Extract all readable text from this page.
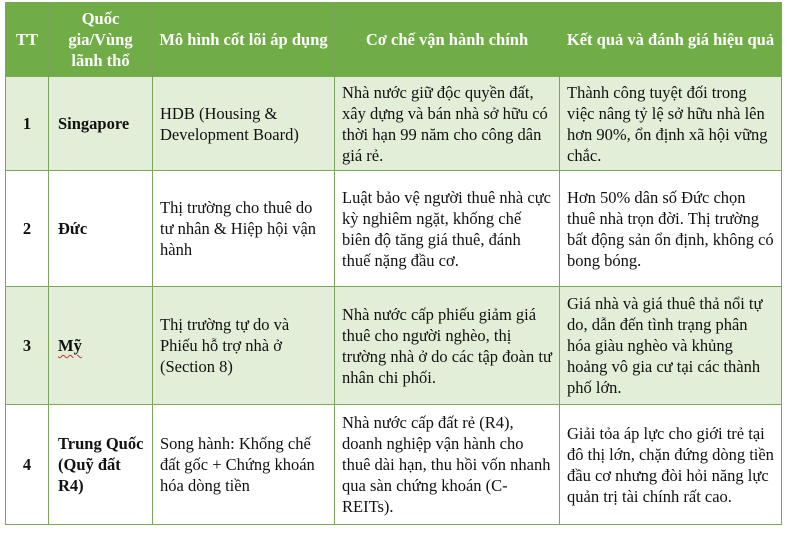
TT	Quốc gia/Vùng lãnh thổ	Mô hình cốt lõi áp dụng	Cơ chế vận hành chính	Kết quả và đánh giá hiệu quả
1	Singapore	HDB (Housing & Development Board)	Nhà nước giữ độc quyền đất, xây dựng và bán nhà sở hữu có thời hạn 99 năm cho công dân giá rẻ.	Thành công tuyệt đối trong việc nâng tỷ lệ sở hữu nhà lên hơn 90%, ổn định xã hội vững chắc.
2	Đức	Thị trường cho thuê do tư nhân & Hiệp hội vận hành	Luật bảo vệ người thuê nhà cực kỳ nghiêm ngặt, khống chế biên độ tăng giá thuê, đánh thuế nặng đầu cơ.	Hơn 50% dân số Đức chọn thuê nhà trọn đời. Thị trường bất động sản ổn định, không có bong bóng.
3	Mỹ	Thị trường tự do và Phiếu hỗ trợ nhà ở (Section 8)	Nhà nước cấp phiếu giảm giá thuê cho người nghèo, thị trường nhà ở do các tập đoàn tư nhân chi phối.	Giá nhà và giá thuê thả nổi tự do, dẫn đến tình trạng phân hóa giàu nghèo và khủng hoảng vô gia cư tại các thành phố lớn.
4	Trung Quốc (Quỹ đất R4)	Song hành: Khống chế đất gốc + Chứng khoán hóa dòng tiền	Nhà nước cấp đất rẻ (R4), doanh nghiệp vận hành cho thuê dài hạn, thu hồi vốn nhanh qua sàn chứng khoán (C-REITs).	Giải tỏa áp lực cho giới trẻ tại đô thị lớn, chặn đứng dòng tiền đầu cơ nhưng đòi hỏi năng lực quản trị tài chính rất cao.
